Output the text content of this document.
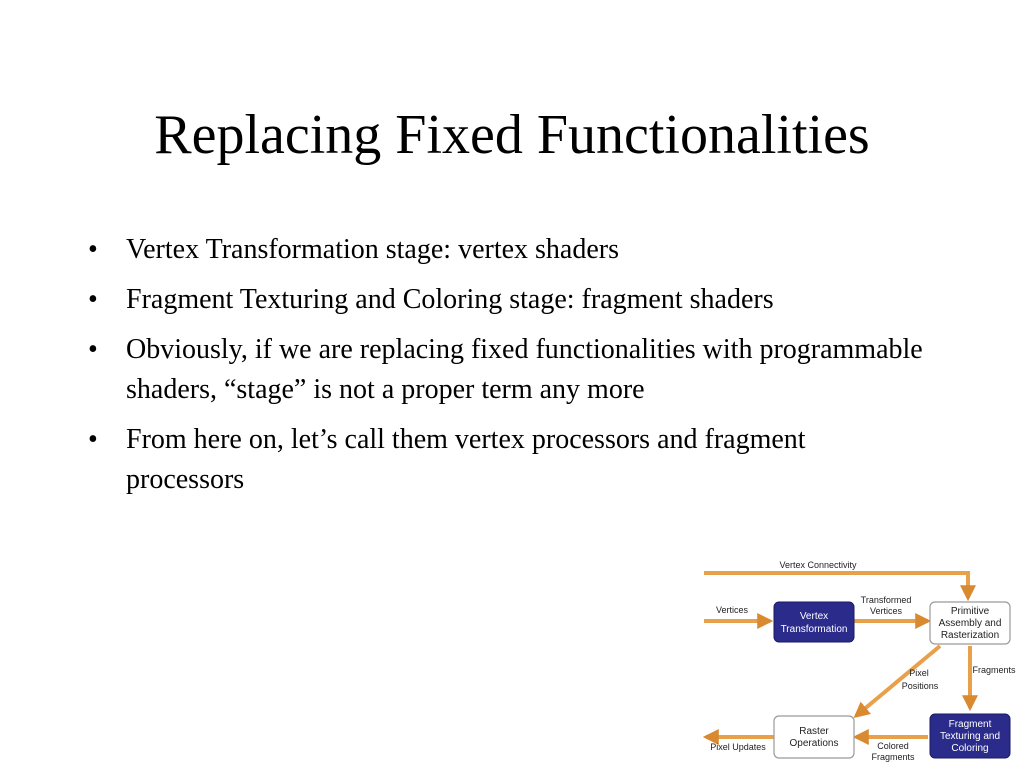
Replacing Fixed Functionalities
• Vertex Transformation stage: vertex shaders
• Fragment Texturing and Coloring stage: fragment shaders
• Obviously, if we are replacing fixed functionalities with programmable shaders, “stage” is not a proper term any more
• From here on, let’s call them vertex processors and fragment processors
Vertex
Transformation
Primitive
Assembly and
Rasterization
Fragment
Texturing and
Coloring
Raster
Operations
Vertex Connectivity
Vertices
Transformed
Vertices
Fragments
Pixel
Positions
Pixel Updates	Colored
Fragments
